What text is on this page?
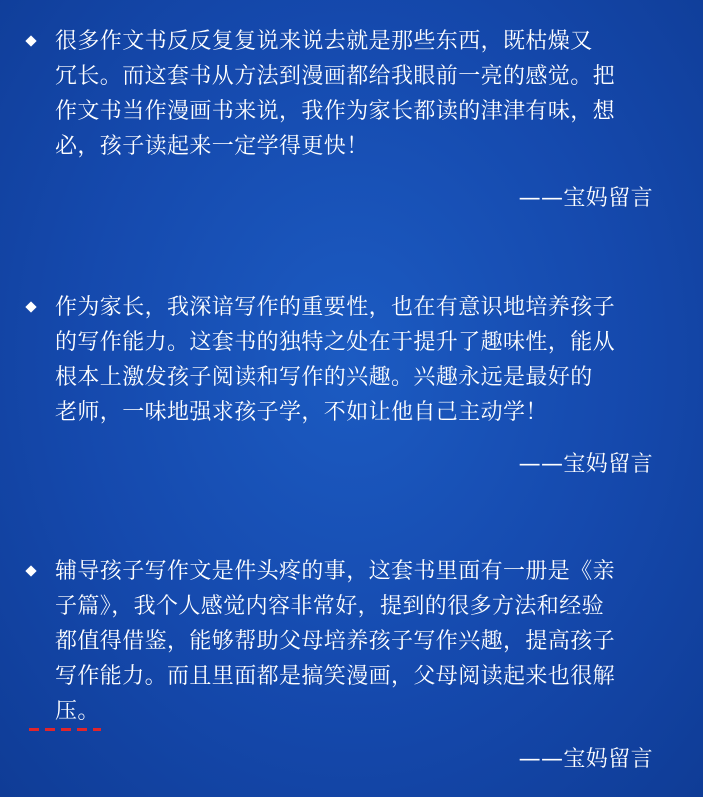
很多作文书反反复复说来说去就是那些东西，既枯燥又
冗长。而这套书从方法到漫画都给我眼前一亮的感觉。把
作文书当作漫画书来说，我作为家长都读的津津有味，想
必，孩子读起来一定学得更快！
——宝妈留言
作为家长，我深谙写作的重要性，也在有意识地培养孩子
的写作能力。这套书的独特之处在于提升了趣味性，能从
根本上激发孩子阅读和写作的兴趣。兴趣永远是最好的
老师，一味地强求孩子学，不如让他自己主动学！
——宝妈留言
辅导孩子写作文是件头疼的事，这套书里面有一册是《亲
子篇》，我个人感觉内容非常好，提到的很多方法和经验
都值得借鉴，能够帮助父母培养孩子写作兴趣，提高孩子
写作能力。而且里面都是搞笑漫画，父母阅读起来也很解
压。
——宝妈留言
